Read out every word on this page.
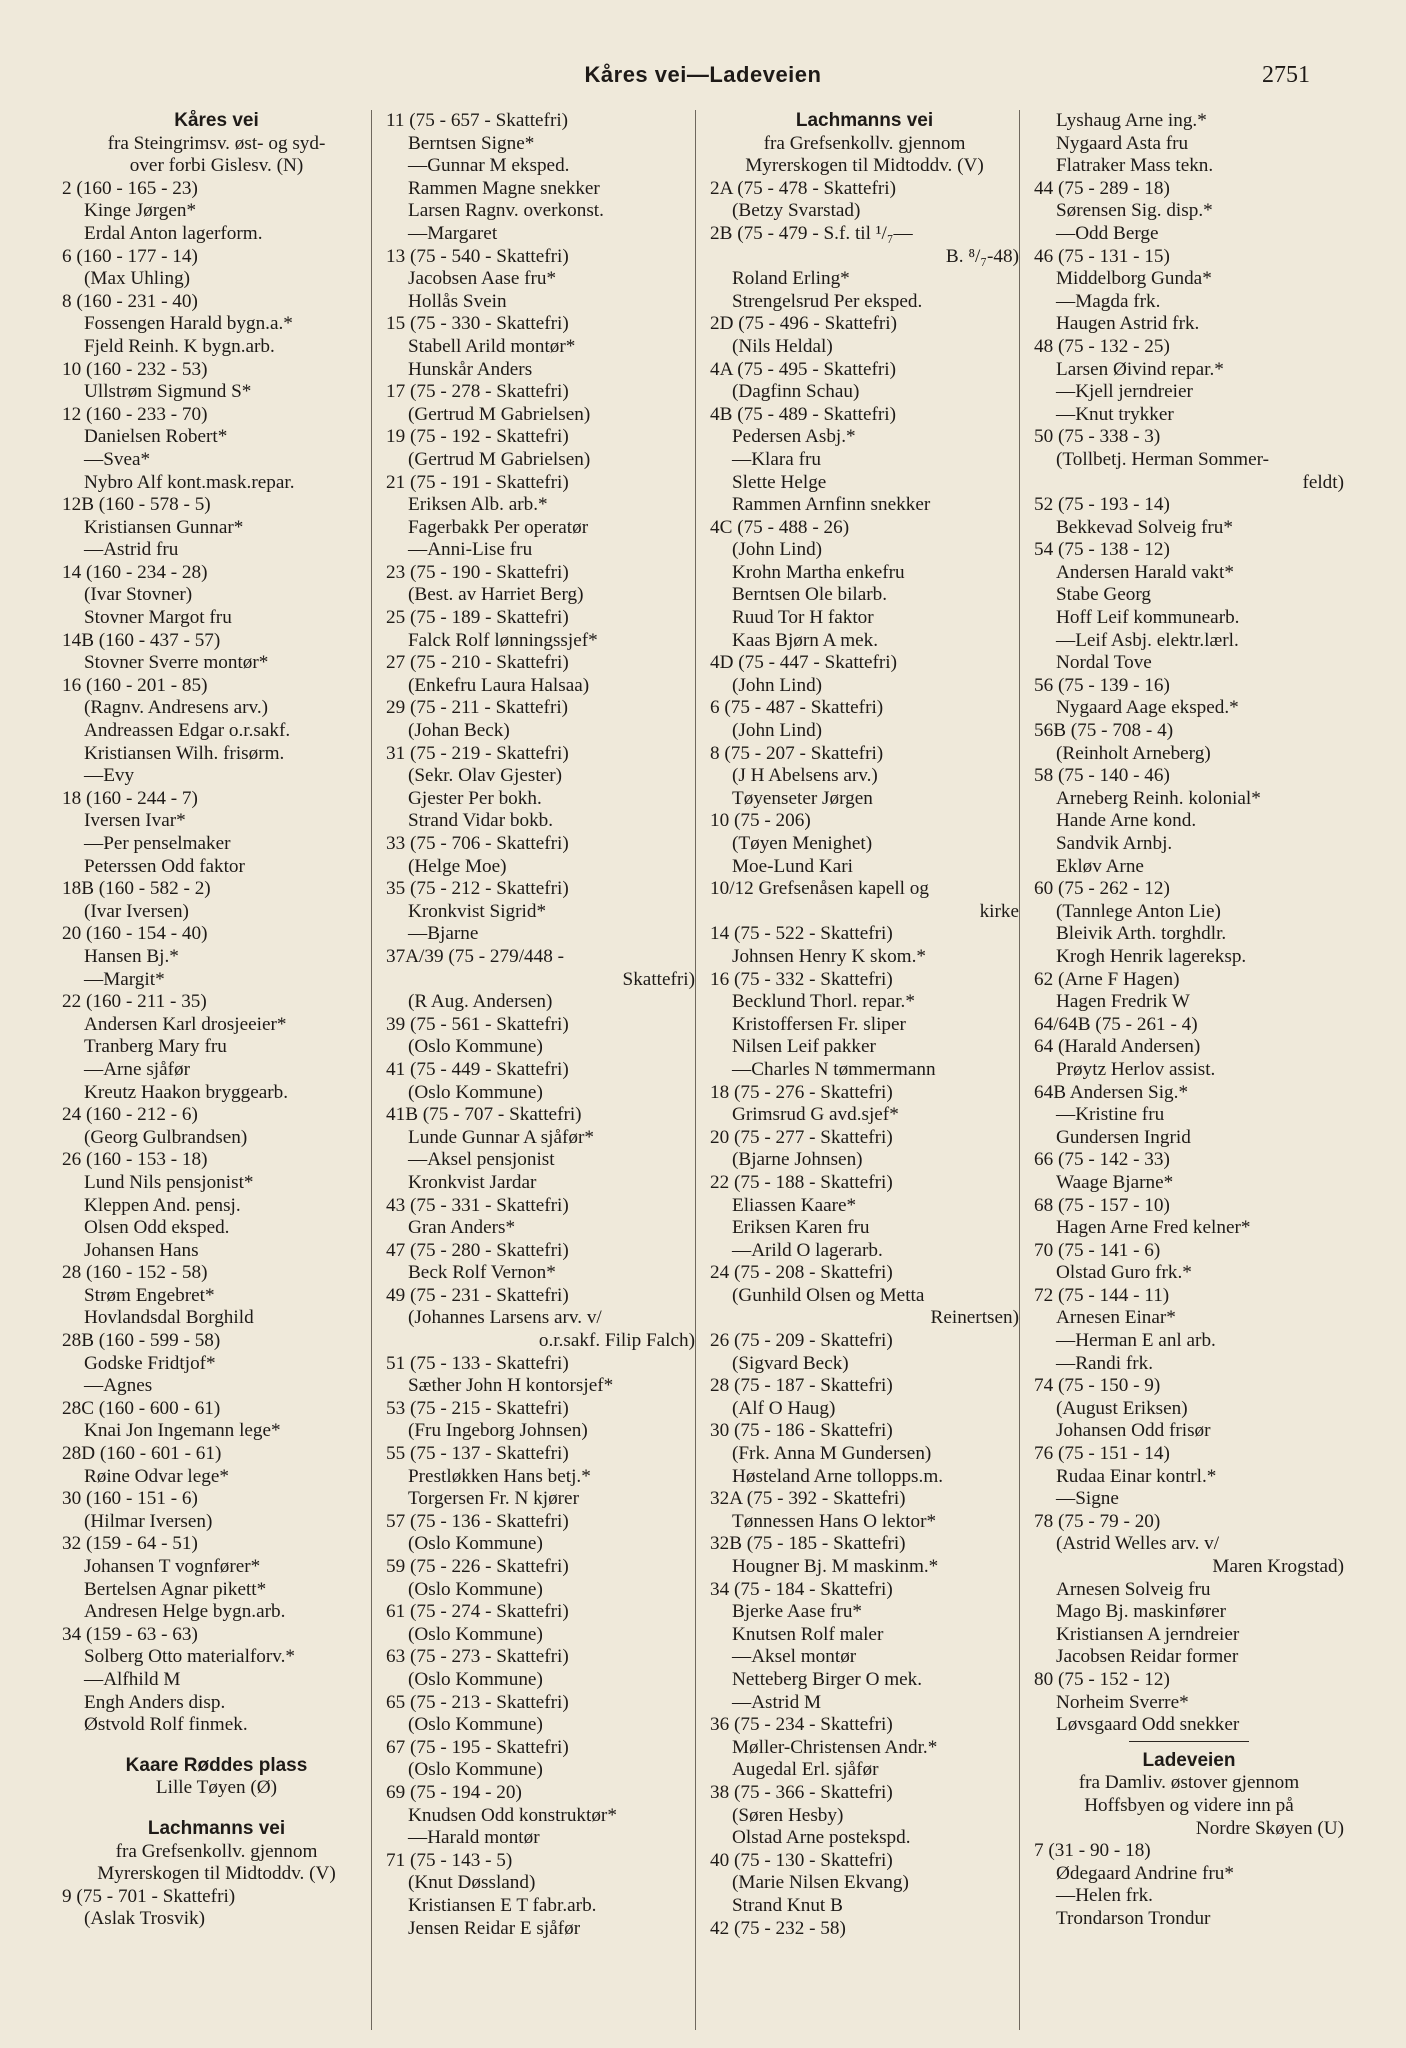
Kåres vei—Ladeveien	2751
Kåres vei
fra Steingrimsv. øst- og syd-
over forbi Gislesv. (N)
2 (160 - 165 - 23)
Kinge Jørgen*
Erdal Anton lagerform.
6 (160 - 177 - 14)
(Max Uhling)
8 (160 - 231 - 40)
Fossengen Harald bygn.a.*
Fjeld Reinh. K bygn.arb.
10 (160 - 232 - 53)
Ullstrøm Sigmund S*
12 (160 - 233 - 70)
Danielsen Robert*
—Svea*
Nybro Alf kont.mask.repar.
12B (160 - 578 - 5)
Kristiansen Gunnar*
—Astrid fru
14 (160 - 234 - 28)
(Ivar Stovner)
Stovner Margot fru
14B (160 - 437 - 57)
Stovner Sverre montør*
16 (160 - 201 - 85)
(Ragnv. Andresens arv.)
Andreassen Edgar o.r.sakf.
Kristiansen Wilh. frisørm.
—Evy
18 (160 - 244 - 7)
Iversen Ivar*
—Per penselmaker
Peterssen Odd faktor
18B (160 - 582 - 2)
(Ivar Iversen)
20 (160 - 154 - 40)
Hansen Bj.*
—Margit*
22 (160 - 211 - 35)
Andersen Karl drosjeeier*
Tranberg Mary fru
—Arne sjåfør
Kreutz Haakon bryggearb.
24 (160 - 212 - 6)
(Georg Gulbrandsen)
26 (160 - 153 - 18)
Lund Nils pensjonist*
Kleppen And. pensj.
Olsen Odd eksped.
Johansen Hans
28 (160 - 152 - 58)
Strøm Engebret*
Hovlandsdal Borghild
28B (160 - 599 - 58)
Godske Fridtjof*
—Agnes
28C (160 - 600 - 61)
Knai Jon Ingemann lege*
28D (160 - 601 - 61)
Røine Odvar lege*
30 (160 - 151 - 6)
(Hilmar Iversen)
32 (159 - 64 - 51)
Johansen T vognfører*
Bertelsen Agnar pikett*
Andresen Helge bygn.arb.
34 (159 - 63 - 63)
Solberg Otto materialforv.*
—Alfhild M
Engh Anders disp.
Østvold Rolf finmek.
Kaare Røddes plass
Lille Tøyen (Ø)
Lachmanns vei
fra Grefsenkollv. gjennom
Myrerskogen til Midtoddv. (V)
9 (75 - 701 - Skattefri)
(Aslak Trosvik)
11 (75 - 657 - Skattefri)
Berntsen Signe*
—Gunnar M eksped.
Rammen Magne snekker
Larsen Ragnv. overkonst.
—Margaret
13 (75 - 540 - Skattefri)
Jacobsen Aase fru*
Hollås Svein
15 (75 - 330 - Skattefri)
Stabell Arild montør*
Hunskår Anders
17 (75 - 278 - Skattefri)
(Gertrud M Gabrielsen)
19 (75 - 192 - Skattefri)
(Gertrud M Gabrielsen)
21 (75 - 191 - Skattefri)
Eriksen Alb. arb.*
Fagerbakk Per operatør
—Anni-Lise fru
23 (75 - 190 - Skattefri)
(Best. av Harriet Berg)
25 (75 - 189 - Skattefri)
Falck Rolf lønningssjef*
27 (75 - 210 - Skattefri)
(Enkefru Laura Halsaa)
29 (75 - 211 - Skattefri)
(Johan Beck)
31 (75 - 219 - Skattefri)
(Sekr. Olav Gjester)
Gjester Per bokh.
Strand Vidar bokb.
33 (75 - 706 - Skattefri)
(Helge Moe)
35 (75 - 212 - Skattefri)
Kronkvist Sigrid*
—Bjarne
37A/39 (75 - 279/448 -
Skattefri)
(R Aug. Andersen)
39 (75 - 561 - Skattefri)
(Oslo Kommune)
41 (75 - 449 - Skattefri)
(Oslo Kommune)
41B (75 - 707 - Skattefri)
Lunde Gunnar A sjåfør*
—Aksel pensjonist
Kronkvist Jardar
43 (75 - 331 - Skattefri)
Gran Anders*
47 (75 - 280 - Skattefri)
Beck Rolf Vernon*
49 (75 - 231 - Skattefri)
(Johannes Larsens arv. v/
o.r.sakf. Filip Falch)
51 (75 - 133 - Skattefri)
Sæther John H kontorsjef*
53 (75 - 215 - Skattefri)
(Fru Ingeborg Johnsen)
55 (75 - 137 - Skattefri)
Prestløkken Hans betj.*
Torgersen Fr. N kjører
57 (75 - 136 - Skattefri)
(Oslo Kommune)
59 (75 - 226 - Skattefri)
(Oslo Kommune)
61 (75 - 274 - Skattefri)
(Oslo Kommune)
63 (75 - 273 - Skattefri)
(Oslo Kommune)
65 (75 - 213 - Skattefri)
(Oslo Kommune)
67 (75 - 195 - Skattefri)
(Oslo Kommune)
69 (75 - 194 - 20)
Knudsen Odd konstruktør*
—Harald montør
71 (75 - 143 - 5)
(Knut Døssland)
Kristiansen E T fabr.arb.
Jensen Reidar E sjåfør
Lachmanns vei
fra Grefsenkollv. gjennom
Myrerskogen til Midtoddv. (V)
2A (75 - 478 - Skattefri)
(Betzy Svarstad)
2B (75 - 479 - S.f. til ¹/₇—
B. ⁸/₇-48)
Roland Erling*
Strengelsrud Per eksped.
2D (75 - 496 - Skattefri)
(Nils Heldal)
4A (75 - 495 - Skattefri)
(Dagfinn Schau)
4B (75 - 489 - Skattefri)
Pedersen Asbj.*
—Klara fru
Slette Helge
Rammen Arnfinn snekker
4C (75 - 488 - 26)
(John Lind)
Krohn Martha enkefru
Berntsen Ole bilarb.
Ruud Tor H faktor
Kaas Bjørn A mek.
4D (75 - 447 - Skattefri)
(John Lind)
6 (75 - 487 - Skattefri)
(John Lind)
8 (75 - 207 - Skattefri)
(J H Abelsens arv.)
Tøyenseter Jørgen
10 (75 - 206)
(Tøyen Menighet)
Moe-Lund Kari
10/12 Grefsenåsen kapell og
kirke
14 (75 - 522 - Skattefri)
Johnsen Henry K skom.*
16 (75 - 332 - Skattefri)
Becklund Thorl. repar.*
Kristoffersen Fr. sliper
Nilsen Leif pakker
—Charles N tømmermann
18 (75 - 276 - Skattefri)
Grimsrud G avd.sjef*
20 (75 - 277 - Skattefri)
(Bjarne Johnsen)
22 (75 - 188 - Skattefri)
Eliassen Kaare*
Eriksen Karen fru
—Arild O lagerarb.
24 (75 - 208 - Skattefri)
(Gunhild Olsen og Metta
Reinertsen)
26 (75 - 209 - Skattefri)
(Sigvard Beck)
28 (75 - 187 - Skattefri)
(Alf O Haug)
30 (75 - 186 - Skattefri)
(Frk. Anna M Gundersen)
Høsteland Arne tollopps.m.
32A (75 - 392 - Skattefri)
Tønnessen Hans O lektor*
32B (75 - 185 - Skattefri)
Hougner Bj. M maskinm.*
34 (75 - 184 - Skattefri)
Bjerke Aase fru*
Knutsen Rolf maler
—Aksel montør
Netteberg Birger O mek.
—Astrid M
36 (75 - 234 - Skattefri)
Møller-Christensen Andr.*
Augedal Erl. sjåfør
38 (75 - 366 - Skattefri)
(Søren Hesby)
Olstad Arne postekspd.
40 (75 - 130 - Skattefri)
(Marie Nilsen Ekvang)
Strand Knut B
42 (75 - 232 - 58)
Lyshaug Arne ing.*
Nygaard Asta fru
Flatraker Mass tekn.
44 (75 - 289 - 18)
Sørensen Sig. disp.*
—Odd Berge
46 (75 - 131 - 15)
Middelborg Gunda*
—Magda frk.
Haugen Astrid frk.
48 (75 - 132 - 25)
Larsen Øivind repar.*
—Kjell jerndreier
—Knut trykker
50 (75 - 338 - 3)
(Tollbetj. Herman Sommer-
feldt)
52 (75 - 193 - 14)
Bekkevad Solveig fru*
54 (75 - 138 - 12)
Andersen Harald vakt*
Stabe Georg
Hoff Leif kommunearb.
—Leif Asbj. elektr.lærl.
Nordal Tove
56 (75 - 139 - 16)
Nygaard Aage eksped.*
56B (75 - 708 - 4)
(Reinholt Arneberg)
58 (75 - 140 - 46)
Arneberg Reinh. kolonial*
Hande Arne kond.
Sandvik Arnbj.
Ekløv Arne
60 (75 - 262 - 12)
(Tannlege Anton Lie)
Bleivik Arth. torghdlr.
Krogh Henrik lagereksp.
62 (Arne F Hagen)
Hagen Fredrik W
64/64B (75 - 261 - 4)
64 (Harald Andersen)
Prøytz Herlov assist.
64B Andersen Sig.*
—Kristine fru
Gundersen Ingrid
66 (75 - 142 - 33)
Waage Bjarne*
68 (75 - 157 - 10)
Hagen Arne Fred kelner*
70 (75 - 141 - 6)
Olstad Guro frk.*
72 (75 - 144 - 11)
Arnesen Einar*
—Herman E anl arb.
—Randi frk.
74 (75 - 150 - 9)
(August Eriksen)
Johansen Odd frisør
76 (75 - 151 - 14)
Rudaa Einar kontrl.*
—Signe
78 (75 - 79 - 20)
(Astrid Welles arv. v/
Maren Krogstad)
Arnesen Solveig fru
Mago Bj. maskinfører
Kristiansen A jerndreier
Jacobsen Reidar former
80 (75 - 152 - 12)
Norheim Sverre*
Løvsgaard Odd snekker
Ladeveien
fra Damliv. østover gjennom
Hoffsbyen og videre inn på
Nordre Skøyen (U)
7 (31 - 90 - 18)
Ødegaard Andrine fru*
—Helen frk.
Trondarson Trondur
